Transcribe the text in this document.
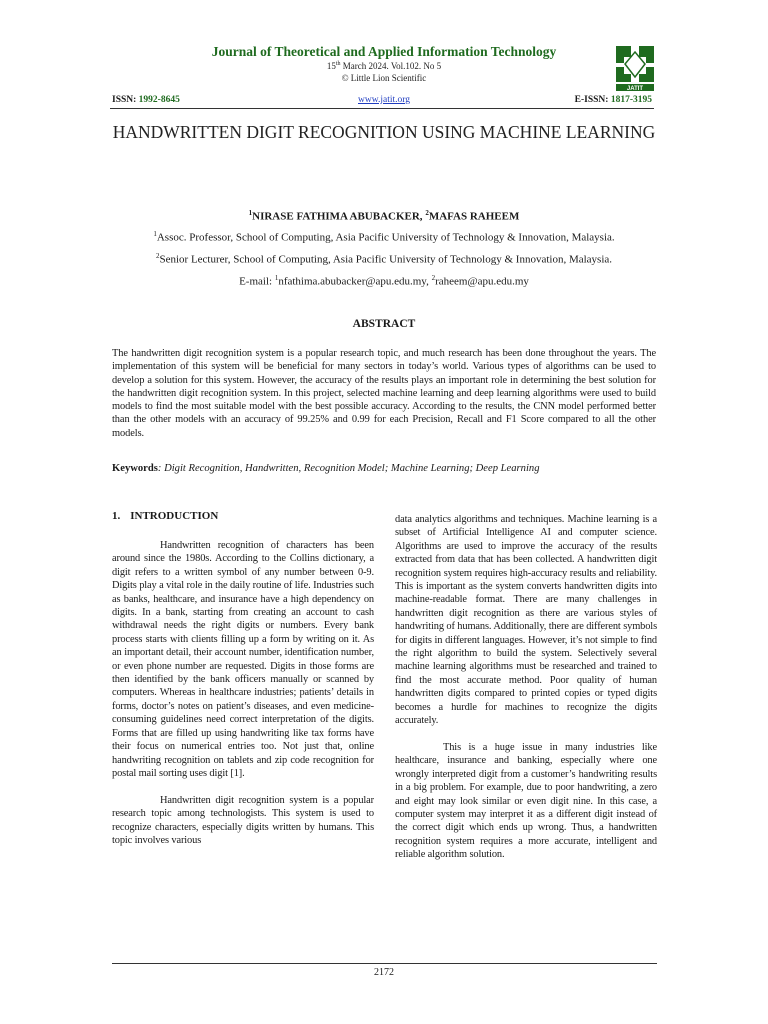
Journal of Theoretical and Applied Information Technology
15th March 2024. Vol.102. No 5
© Little Lion Scientific
JATIT
ISSN: 1992-8645	www.jatit.org	E-ISSN: 1817-3195
HANDWRITTEN DIGIT RECOGNITION USING MACHINE LEARNING
$^1$NIRASE FATHIMA ABUBACKER, $^2$MAFAS RAHEEM
$^1$Assoc. Professor, School of Computing, Asia Pacific University of Technology & Innovation, Malaysia.
$^2$Senior Lecturer, School of Computing, Asia Pacific University of Technology & Innovation, Malaysia.
E-mail: $^1$nfathima.abubacker@apu.edu.my, $^2$raheem@apu.edu.my
ABSTRACT
The handwritten digit recognition system is a popular research topic, and much research has been done throughout the years. The implementation of this system will be beneficial for many sectors in today’s world. Various types of algorithms can be used to develop a solution for this system. However, the accuracy of the results plays an important role in determining the best solution for the handwritten digit recognition system. In this project, selected machine learning and deep learning algorithms were used to build models to find the most suitable model with the best possible accuracy. According to the results, the CNN model performed better than the other models with an accuracy of 99.25% and 0.99 for each Precision, Recall and F1 Score compared to all the other models.
Keywords: Digit Recognition, Handwritten, Recognition Model; Machine Learning; Deep Learning
1. INTRODUCTION

Handwritten recognition of characters has been around since the 1980s. According to the Collins dictionary, a digit refers to a written symbol of any number between 0-9. Digits play a vital role in the daily routine of life. Industries such as banks, healthcare, and insurance have a high dependency on digits. In a bank, starting from creating an account to cash withdrawal needs the right digits or numbers. Every bank process starts with clients filling up a form by writing on it. As an important detail, their account number, identification number, or even phone number are requested. Digits in those forms are then identified by the bank officers manually or scanned by computers. Whereas in healthcare industries; patients’ details in forms, doctor’s notes on patient’s diseases, and even medicine-consuming guidelines need correct interpretation of the digits. Forms that are filled up using handwriting like tax forms have their focus on numerical entries too. Not just that, online handwriting recognition on tablets and zip code recognition for postal mail sorting uses digit [1].

Handwritten digit recognition system is a popular research topic among technologists. This system is used to recognize characters, especially digits written by humans. This topic involves various

data analytics algorithms and techniques. Machine learning is a subset of Artificial Intelligence AI and computer science. Algorithms are used to improve the accuracy of the results extracted from data that has been collected. A handwritten digit recognition system requires high-accuracy results and reliability. This is important as the system converts handwritten digits into machine-readable format. There are many challenges in handwritten digit recognition as there are various styles of handwriting of humans. Additionally, there are different symbols for digits in different languages. However, it’s not simple to find the right algorithm to build the system. Selectively several machine learning algorithms must be researched and trained to find the most accurate method. Poor quality of human handwritten digits compared to printed copies or typed digits becomes a hurdle for machines to recognize the digits accurately.

This is a huge issue in many industries like healthcare, insurance and banking, especially where one wrongly interpreted digit from a customer’s handwriting results in a big problem. For example, due to poor handwriting, a zero and eight may look similar or even digit nine. In this case, a computer system may interpret it as a different digit instead of the correct digit which ends up wrong. Thus, a handwritten recognition system requires a more accurate, intelligent and reliable algorithm solution.

2172
